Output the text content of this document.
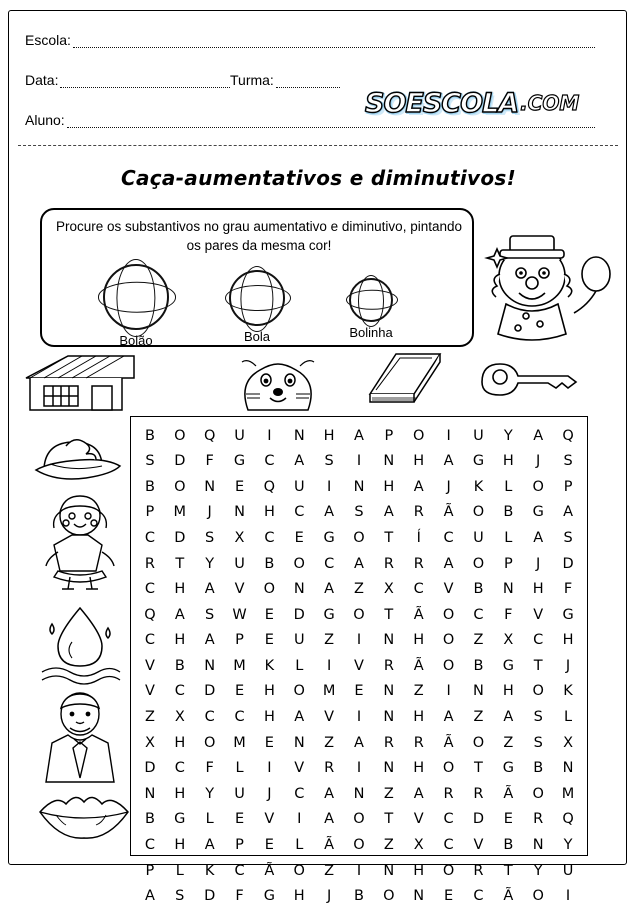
Escola:
Data:	Turma:
Aluno:
SOESCOLA .COM
Caça-aumentativos e diminutivos!
Procure os substantivos no grau aumentativo e diminutivo, pintando os pares da mesma cor!
Bolão	Bola	Bolinha
B	O	Q	U	I	N	H	A	P	O	I	U	Y	A	Q
S	D	F	G	C	A	S	I	N	H	A	G	H	J	S
B	O	N	E	Q	U	I	N	H	A	J	K	L	O	P
P	M	J	N	H	C	A	S	A	R	Ã	O	B	G	A
C	D	S	X	C	E	G	O	T	Í	C	U	L	A	S
R	T	Y	U	B	O	C	A	R	R	A	O	P	J	D
C	H	A	V	O	N	A	Z	X	C	V	B	N	H	F
Q	A	S	W	E	D	G	O	T	Ã	O	C	F	V	G
C	H	A	P	E	U	Z	I	N	H	O	Z	X	C	H
V	B	N	M	K	L	I	V	R	Ã	O	B	G	T	J
V	C	D	E	H	O	M	E	N	Z	I	N	H	O	K
Z	X	C	C	H	A	V	I	N	H	A	Z	A	S	L
X	H	O	M	E	N	Z	A	R	R	Ã	O	Z	S	X
D	C	F	L	I	V	R	I	N	H	O	T	G	B	N
N	H	Y	U	J	C	A	N	Z	A	R	R	Ã	O	M
B	G	L	E	V	I	A	O	T	V	C	D	E	R	Q
C	H	A	P	E	L	Ã	O	Z	X	C	V	B	N	Y
P	L	K	C	Ã	O	Z	I	N	H	O	R	T	Y	U
A	S	D	F	G	H	J	B	O	N	E	C	Ã	O	I
